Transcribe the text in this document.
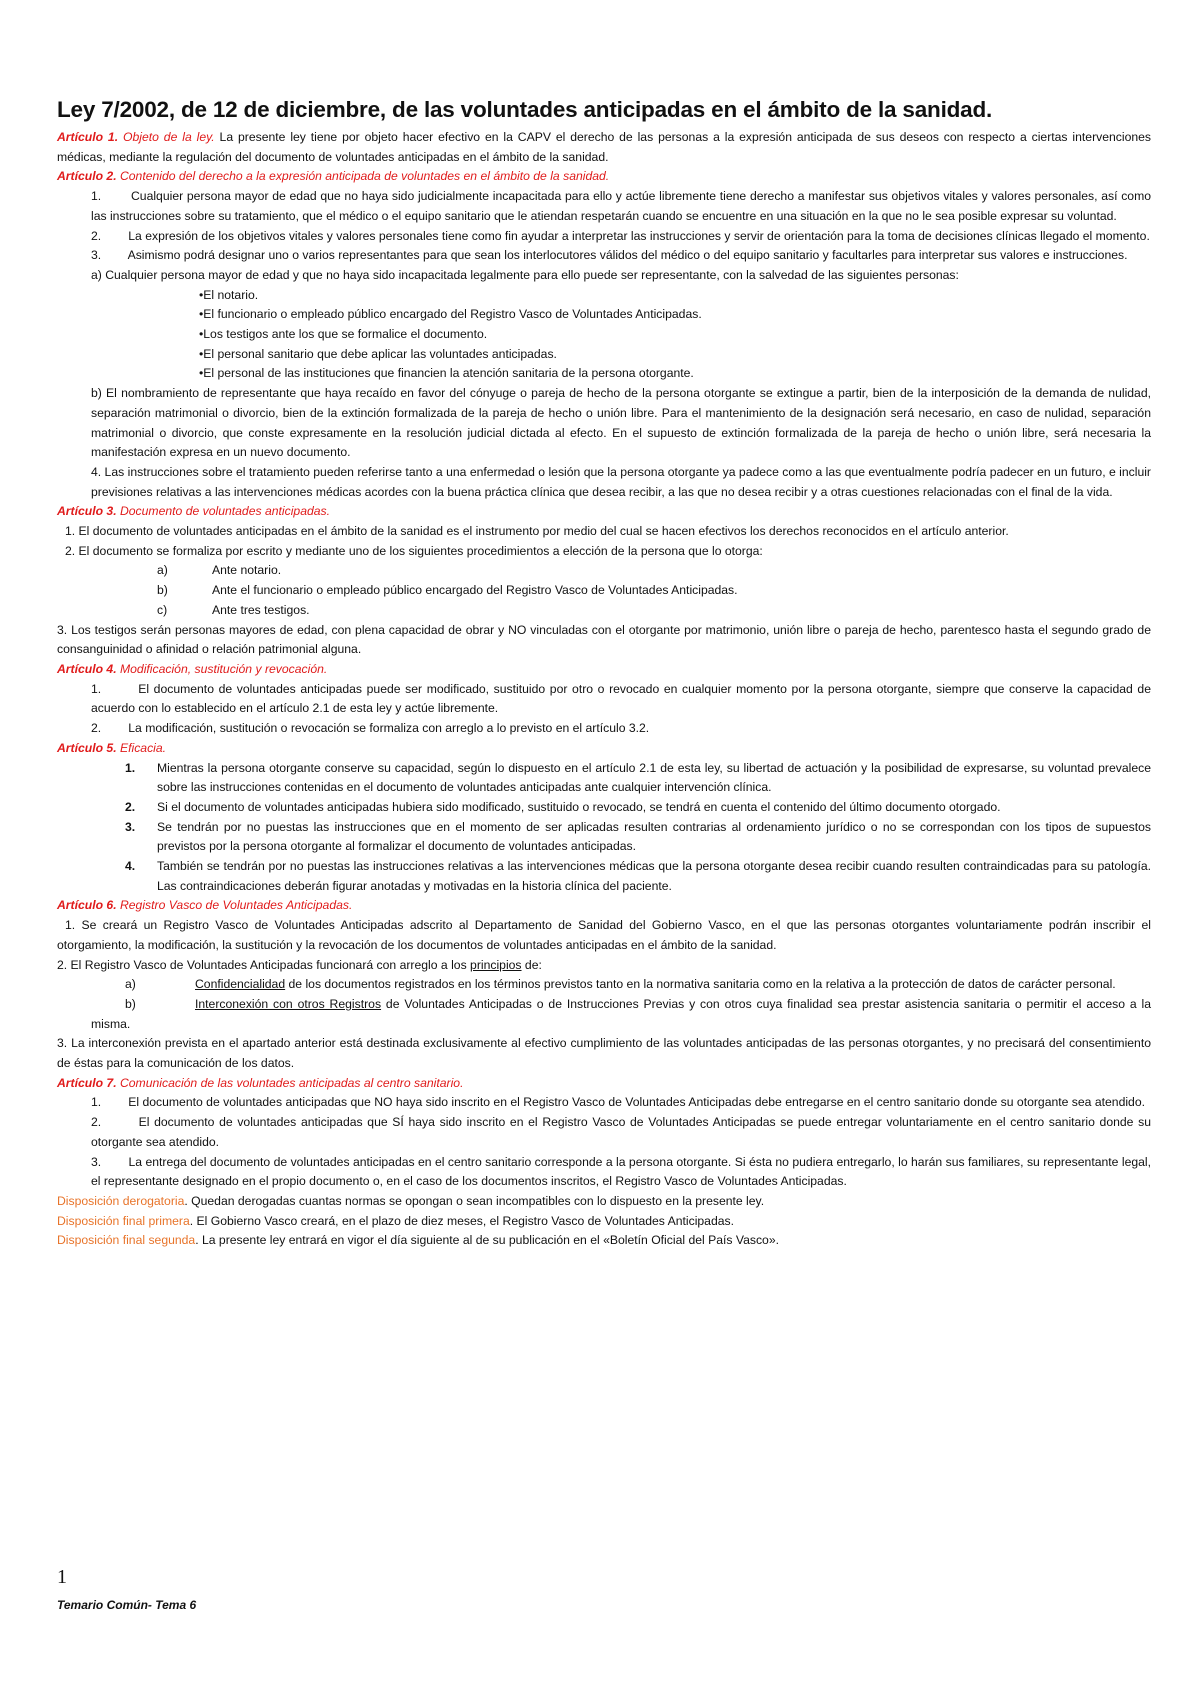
Ley 7/2002, de 12 de diciembre, de las voluntades anticipadas en el ámbito de la sanidad.

Artículo 1. Objeto de la ley. La presente ley tiene por objeto hacer efectivo en la CAPV el derecho de las personas a la expresión anticipada de sus deseos con respecto a ciertas intervenciones médicas, mediante la regulación del documento de voluntades anticipadas en el ámbito de la sanidad.

Artículo 2. Contenido del derecho a la expresión anticipada de voluntades en el ámbito de la sanidad.

1.        Cualquier persona mayor de edad que no haya sido judicialmente incapacitada para ello y actúe libremente tiene derecho a manifestar sus objetivos vitales y valores personales, así como las instrucciones sobre su tratamiento, que el médico o el equipo sanitario que le atiendan respetarán cuando se encuentre en una situación en la que no le sea posible expresar su voluntad.

2.        La expresión de los objetivos vitales y valores personales tiene como fin ayudar a interpretar las instrucciones y servir de orientación para la toma de decisiones clínicas llegado el momento.

3.        Asimismo podrá designar uno o varios representantes para que sean los interlocutores válidos del médico o del equipo sanitario y facultarles para interpretar sus valores e instrucciones.

a) Cualquier persona mayor de edad y que no haya sido incapacitada legalmente para ello puede ser representante, con la salvedad de las siguientes personas:

•El notario.

•El funcionario o empleado público encargado del Registro Vasco de Voluntades Anticipadas.

•Los testigos ante los que se formalice el documento.

•El personal sanitario que debe aplicar las voluntades anticipadas.

•El personal de las instituciones que financien la atención sanitaria de la persona otorgante.

b) El nombramiento de representante que haya recaído en favor del cónyuge o pareja de hecho de la persona otorgante se extingue a partir, bien de la interposición de la demanda de nulidad, separación matrimonial o divorcio, bien de la extinción formalizada de la pareja de hecho o unión libre. Para el mantenimiento de la designación será necesario, en caso de nulidad, separación matrimonial o divorcio, que conste expresamente en la resolución judicial dictada al efecto. En el supuesto de extinción formalizada de la pareja de hecho o unión libre, será necesaria la manifestación expresa en un nuevo documento.

4. Las instrucciones sobre el tratamiento pueden referirse tanto a una enfermedad o lesión que la persona otorgante ya padece como a las que eventualmente podría padecer en un futuro, e incluir previsiones relativas a las intervenciones médicas acordes con la buena práctica clínica que desea recibir, a las que no desea recibir y a otras cuestiones relacionadas con el final de la vida.

Artículo 3. Documento de voluntades anticipadas.

1. El documento de voluntades anticipadas en el ámbito de la sanidad es el instrumento por medio del cual se hacen efectivos los derechos reconocidos en el artículo anterior.

2. El documento se formaliza por escrito y mediante uno de los siguientes procedimientos a elección de la persona que lo otorga:

a)	Ante notario.

b)	Ante el funcionario o empleado público encargado del Registro Vasco de Voluntades Anticipadas.

c)	Ante tres testigos.

3. Los testigos serán personas mayores de edad, con plena capacidad de obrar y NO vinculadas con el otorgante por matrimonio, unión libre o pareja de hecho, parentesco hasta el segundo grado de consanguinidad o afinidad o relación patrimonial alguna.

Artículo 4. Modificación, sustitución y revocación.

1.        El documento de voluntades anticipadas puede ser modificado, sustituido por otro o revocado en cualquier momento por la persona otorgante, siempre que conserve la capacidad de acuerdo con lo establecido en el artículo 2.1 de esta ley y actúe libremente.

2.        La modificación, sustitución o revocación se formaliza con arreglo a lo previsto en el artículo 3.2.

Artículo 5. Eficacia.

1.	Mientras la persona otorgante conserve su capacidad, según lo dispuesto en el artículo 2.1 de esta ley, su libertad de actuación y la posibilidad de expresarse, su voluntad prevalece sobre las instrucciones contenidas en el documento de voluntades anticipadas ante cualquier intervención clínica.
2.	Si el documento de voluntades anticipadas hubiera sido modificado, sustituido o revocado, se tendrá en cuenta el contenido del último documento otorgado.
3.	Se tendrán por no puestas las instrucciones que en el momento de ser aplicadas resulten contrarias al ordenamiento jurídico o no se correspondan con los tipos de supuestos previstos por la persona otorgante al formalizar el documento de voluntades anticipadas.
4.	También se tendrán por no puestas las instrucciones relativas a las intervenciones médicas que la persona otorgante desea recibir cuando resulten contraindicadas para su patología. Las contraindicaciones deberán figurar anotadas y motivadas en la historia clínica del paciente.

Artículo 6. Registro Vasco de Voluntades Anticipadas.

1. Se creará un Registro Vasco de Voluntades Anticipadas adscrito al Departamento de Sanidad del Gobierno Vasco, en el que las personas otorgantes voluntariamente podrán inscribir el otorgamiento, la modificación, la sustitución y la revocación de los documentos de voluntades anticipadas en el ámbito de la sanidad.

2. El Registro Vasco de Voluntades Anticipadas funcionará con arreglo a los principios de:

a)	Confidencialidad de los documentos registrados en los términos previstos tanto en la normativa sanitaria como en la relativa a la protección de datos de carácter personal.

b)	Interconexión con otros Registros de Voluntades Anticipadas o de Instrucciones Previas y con otros cuya finalidad sea prestar asistencia sanitaria o permitir el acceso a la misma.

3. La interconexión prevista en el apartado anterior está destinada exclusivamente al efectivo cumplimiento de las voluntades anticipadas de las personas otorgantes, y no precisará del consentimiento de éstas para la comunicación de los datos.

Artículo 7. Comunicación de las voluntades anticipadas al centro sanitario.

1.        El documento de voluntades anticipadas que NO haya sido inscrito en el Registro Vasco de Voluntades Anticipadas debe entregarse en el centro sanitario donde su otorgante sea atendido.

2.        El documento de voluntades anticipadas que SÍ haya sido inscrito en el Registro Vasco de Voluntades Anticipadas se puede entregar voluntariamente en el centro sanitario donde su otorgante sea atendido.

3.        La entrega del documento de voluntades anticipadas en el centro sanitario corresponde a la persona otorgante. Si ésta no pudiera entregarlo, lo harán sus familiares, su representante legal, el representante designado en el propio documento o, en el caso de los documentos inscritos, el Registro Vasco de Voluntades Anticipadas.

Disposición derogatoria. Quedan derogadas cuantas normas se opongan o sean incompatibles con lo dispuesto en la presente ley.

Disposición final primera. El Gobierno Vasco creará, en el plazo de diez meses, el Registro Vasco de Voluntades Anticipadas.

Disposición final segunda. La presente ley entrará en vigor el día siguiente al de su publicación en el «Boletín Oficial del País Vasco».

1
Temario Común- Tema 6
